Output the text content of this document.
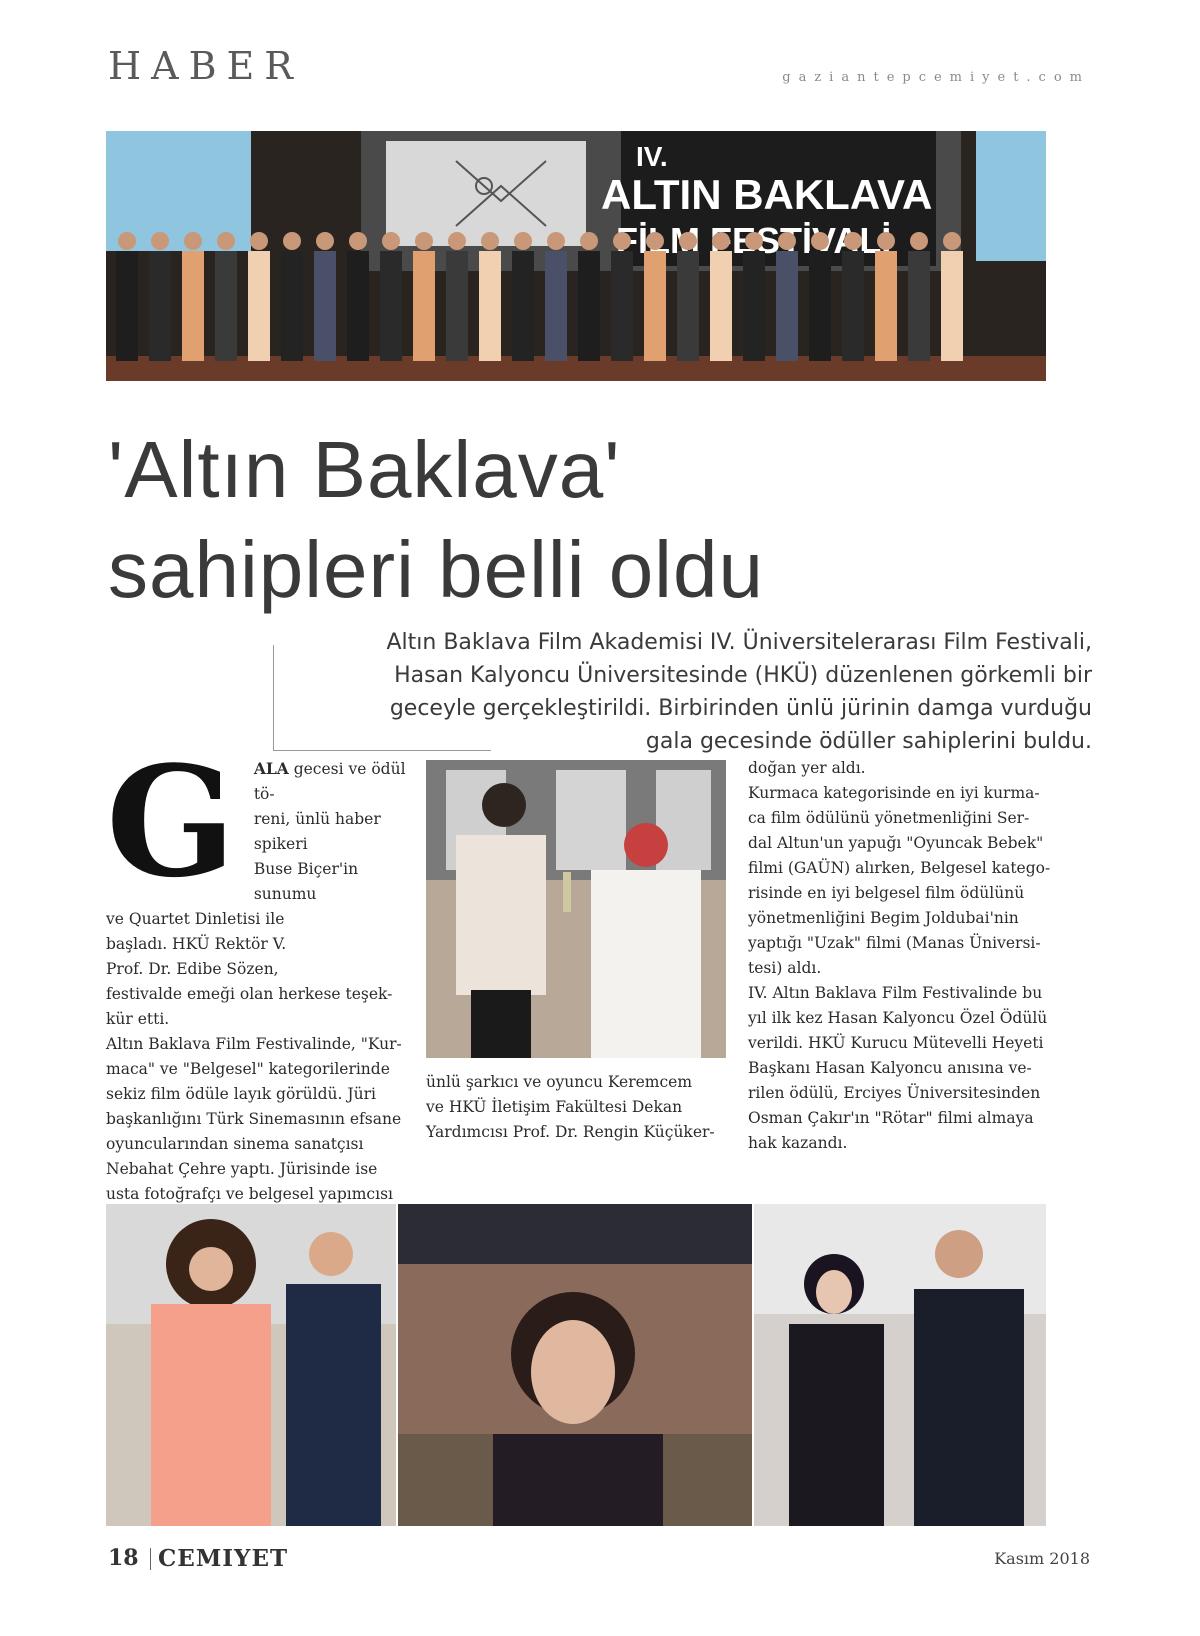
HABER	gaziantepcemiyet.com
IV.
ALTIN BAKLAVA
FESTİVALİ
'Altın Baklava'
sahipleri belli oldu
Altın Baklava Film Akademisi IV. Üniversitelerarası Film Festivali,
Hasan Kalyoncu Üniversitesinde (HKÜ) düzenlenen görkemli bir
geceyle gerçekleştirildi. Birbirinden ünlü jürinin damga vurduğu
gala gecesinde ödüller sahiplerini buldu.
G	ALA gecesi ve ödül tö-

reni, ünlü haber spikeri

Buse Biçer'in sunumu

ve Quartet Dinletisi ile

başladı. HKÜ Rektör V.

Prof. Dr. Edibe Sözen,

festivalde emeği olan herkese teşek-

kür etti.

Altın Baklava Film Festivalinde, "Kur-

maca" ve "Belgesel" kategorilerinde

sekiz film ödüle layık görüldü. Jüri

başkanlığını Türk Sinemasının efsane

oyuncularından sinema sanatçısı

Nebahat Çehre yaptı. Jürisinde ise

usta fotoğrafçı ve belgesel yapımcısı

ünlü şarkıcı ve oyuncu Keremcem

ve HKÜ İletişim Fakültesi Dekan

Yardımcısı Prof. Dr. Rengin Küçüker-

doğan yer aldı.

Kurmaca kategorisinde en iyi kurma-

ca film ödülünü yönetmenliğini Ser-

dal Altun'un yapuğı "Oyuncak Bebek"

filmi (GAÜN) alırken, Belgesel katego-

risinde en iyi belgesel film ödülünü

yönetmenliğini Begim Joldubai'nin

yaptığı "Uzak" filmi (Manas Üniversi-

tesi) aldı.

IV. Altın Baklava Film Festivalinde bu

yıl ilk kez Hasan Kalyoncu Özel Ödülü

verildi. HKÜ Kurucu Mütevelli Heyeti

Başkanı Hasan Kalyoncu anısına ve-

rilen ödülü, Erciyes Üniversitesinden

Osman Çakır'ın "Rötar" filmi almaya

hak kazandı.

18 CEMIYET	Kasım 2018
